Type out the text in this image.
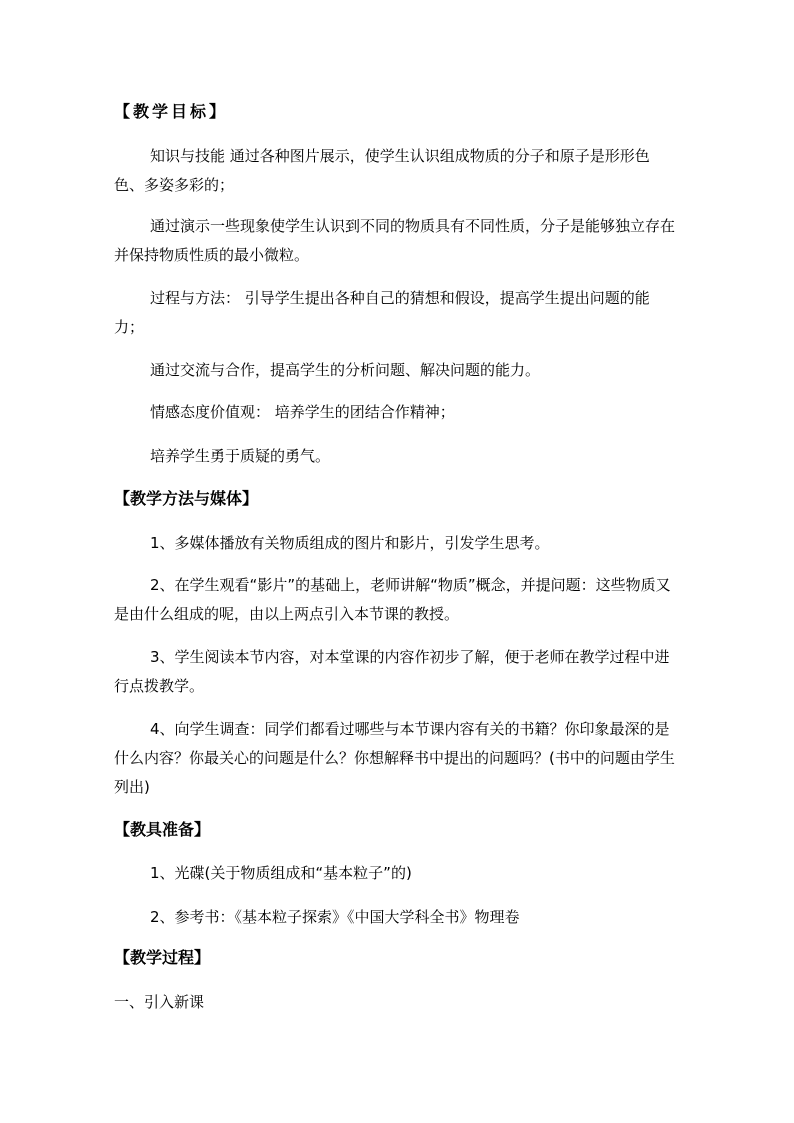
【教学目标】
知识与技能 通过各种图片展示，使学生认识组成物质的分子和原子是形形色色、多姿多彩的；
通过演示一些现象使学生认识到不同的物质具有不同性质，分子是能够独立存在并保持物质性质的最小微粒。
过程与方法： 引导学生提出各种自己的猜想和假设，提高学生提出问题的能力；
通过交流与合作，提高学生的分析问题、解决问题的能力。
情感态度价值观： 培养学生的团结合作精神；
培养学生勇于质疑的勇气。
【教学方法与媒体】
1、多媒体播放有关物质组成的图片和影片，引发学生思考。
2、在学生观看“影片”的基础上，老师讲解“物质”概念，并提问题：这些物质又是由什么组成的呢，由以上两点引入本节课的教授。
3、学生阅读本节内容，对本堂课的内容作初步了解，便于老师在教学过程中进行点拨教学。
4、向学生调查：同学们都看过哪些与本节课内容有关的书籍？你印象最深的是什么内容？你最关心的问题是什么？你想解释书中提出的问题吗？(书中的问题由学生列出)
【教具准备】
1、光碟(关于物质组成和“基本粒子”的)
2、参考书：《基本粒子探索》《中国大学科全书》物理卷
【教学过程】
一、引入新课
